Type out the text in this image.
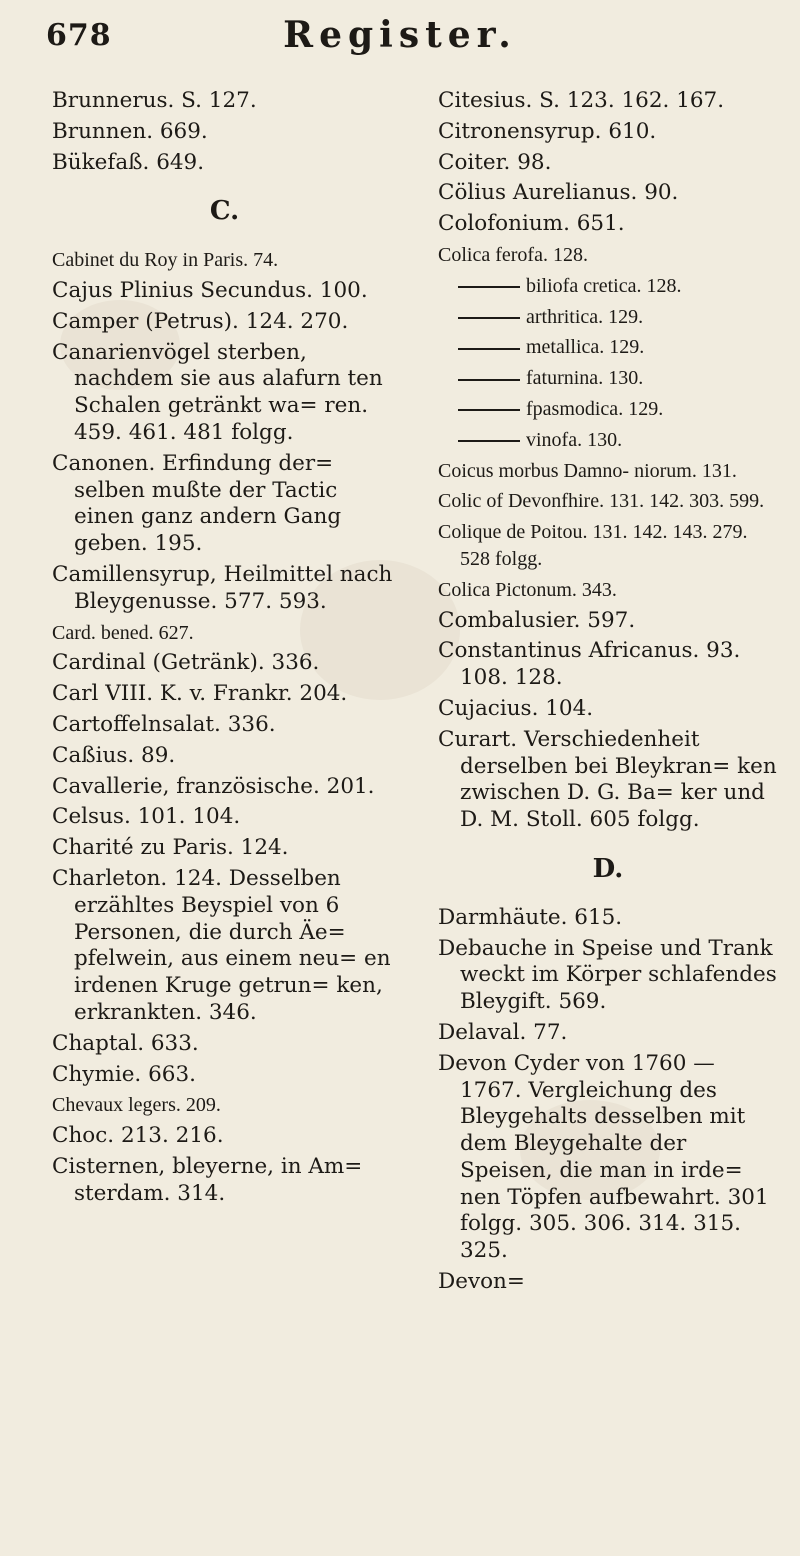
678	Register.
Brunnerus. S. 127.
Brunnen. 669.
Bükefaß. 649.
C.
Cabinet du Roy in Paris. 74.
Cajus Plinius Secundus. 100.
Camper (Petrus). 124. 270.
Canarienvögel sterben, nachdem sie aus alafurn ten Schalen getränkt wa= ren. 459. 461. 481 folgg.
Canonen. Erfindung der= selben mußte der Tactic einen ganz andern Gang geben. 195.
Camillensyrup, Heilmittel nach Bleygenusse. 577. 593.
Card. bened. 627.
Cardinal (Getränk). 336.
Carl VIII. K. v. Frankr. 204.
Cartoffelnsalat. 336.
Caßius. 89.
Cavallerie, französische. 201.
Celsus. 101. 104.
Charité zu Paris. 124.
Charleton. 124. Desselben erzähltes Beyspiel von 6 Personen, die durch Äe= pfelwein, aus einem neu= en irdenen Kruge getrun= ken, erkrankten. 346.
Chaptal. 633.
Chymie. 663.
Chevaux legers. 209.
Choc. 213. 216.
Cisternen, bleyerne, in Am= sterdam. 314.
Citesius. S. 123. 162. 167.
Citronensyrup. 610.
Coiter. 98.
Cölius Aurelianus. 90.
Colofonium. 651.
Colica ferofa. 128.
biliofa cretica. 128.
arthritica. 129.
metallica. 129.
faturnina. 130.
fpasmodica. 129.
vinofa. 130.
Coicus morbus Damno- niorum. 131.
Colic of Devonfhire. 131. 142. 303. 599.
Colique de Poitou. 131. 142. 143. 279. 528 folgg.
Colica Pictonum. 343.
Combalusier. 597.
Constantinus Africanus. 93. 108. 128.
Cujacius. 104.
Curart. Verschiedenheit derselben bei Bleykran= ken zwischen D. G. Ba= ker und D. M. Stoll. 605 folgg.
D.
Darmhäute. 615.
Debauche in Speise und Trank weckt im Körper schlafendes Bleygift. 569.
Delaval. 77.
Devon Cyder von 1760 — 1767. Vergleichung des Bleygehalts desselben mit dem Bleygehalte der Speisen, die man in irde= nen Töpfen aufbewahrt. 301 folgg. 305. 306. 314. 315. 325.
Devon=
